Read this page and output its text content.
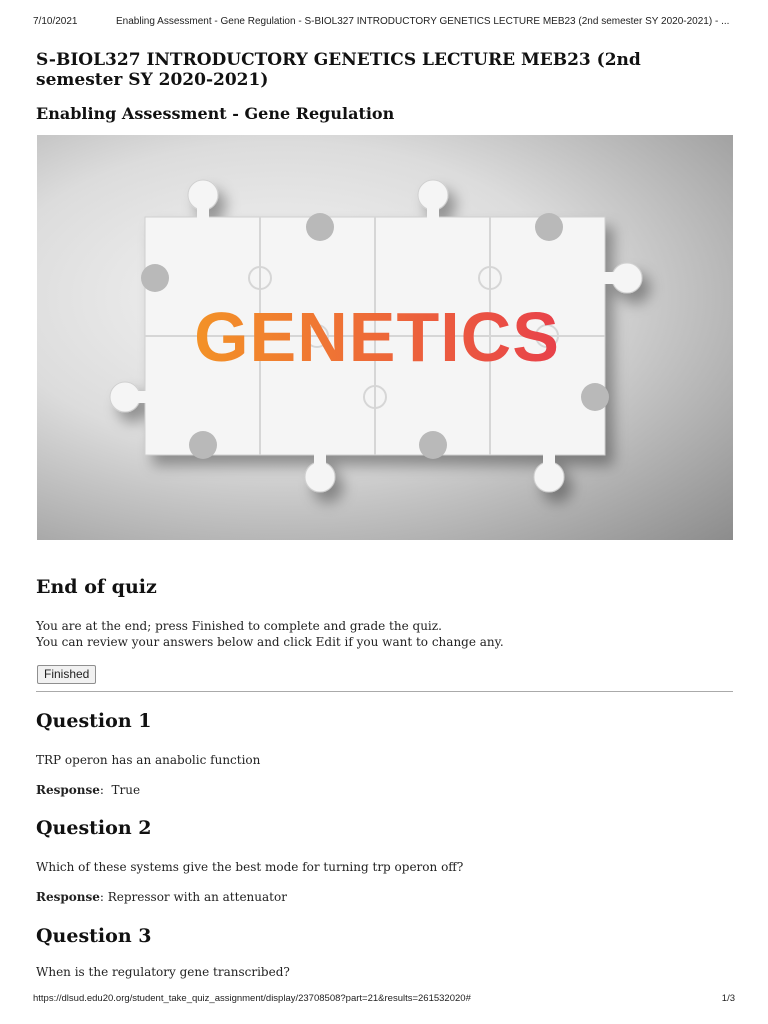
7/10/2021	Enabling Assessment - Gene Regulation - S-BIOL327 INTRODUCTORY GENETICS LECTURE MEB23 (2nd semester SY 2020-2021) - ...
S-BIOL327 INTRODUCTORY GENETICS LECTURE MEB23 (2nd semester SY 2020-2021)
Enabling Assessment - Gene Regulation
GENETICS
End of quiz
You are at the end; press Finished to complete and grade the quiz.
You can review your answers below and click Edit if you want to change any.
Finished
Question 1
TRP operon has an anabolic function
Response:  True
Question 2
Which of these systems give the best mode for turning trp operon off?
Response: Repressor with an attenuator
Question 3
When is the regulatory gene transcribed?
https://dlsud.edu20.org/student_take_quiz_assignment/display/23708508?part=21&results=261532020#	1/3
